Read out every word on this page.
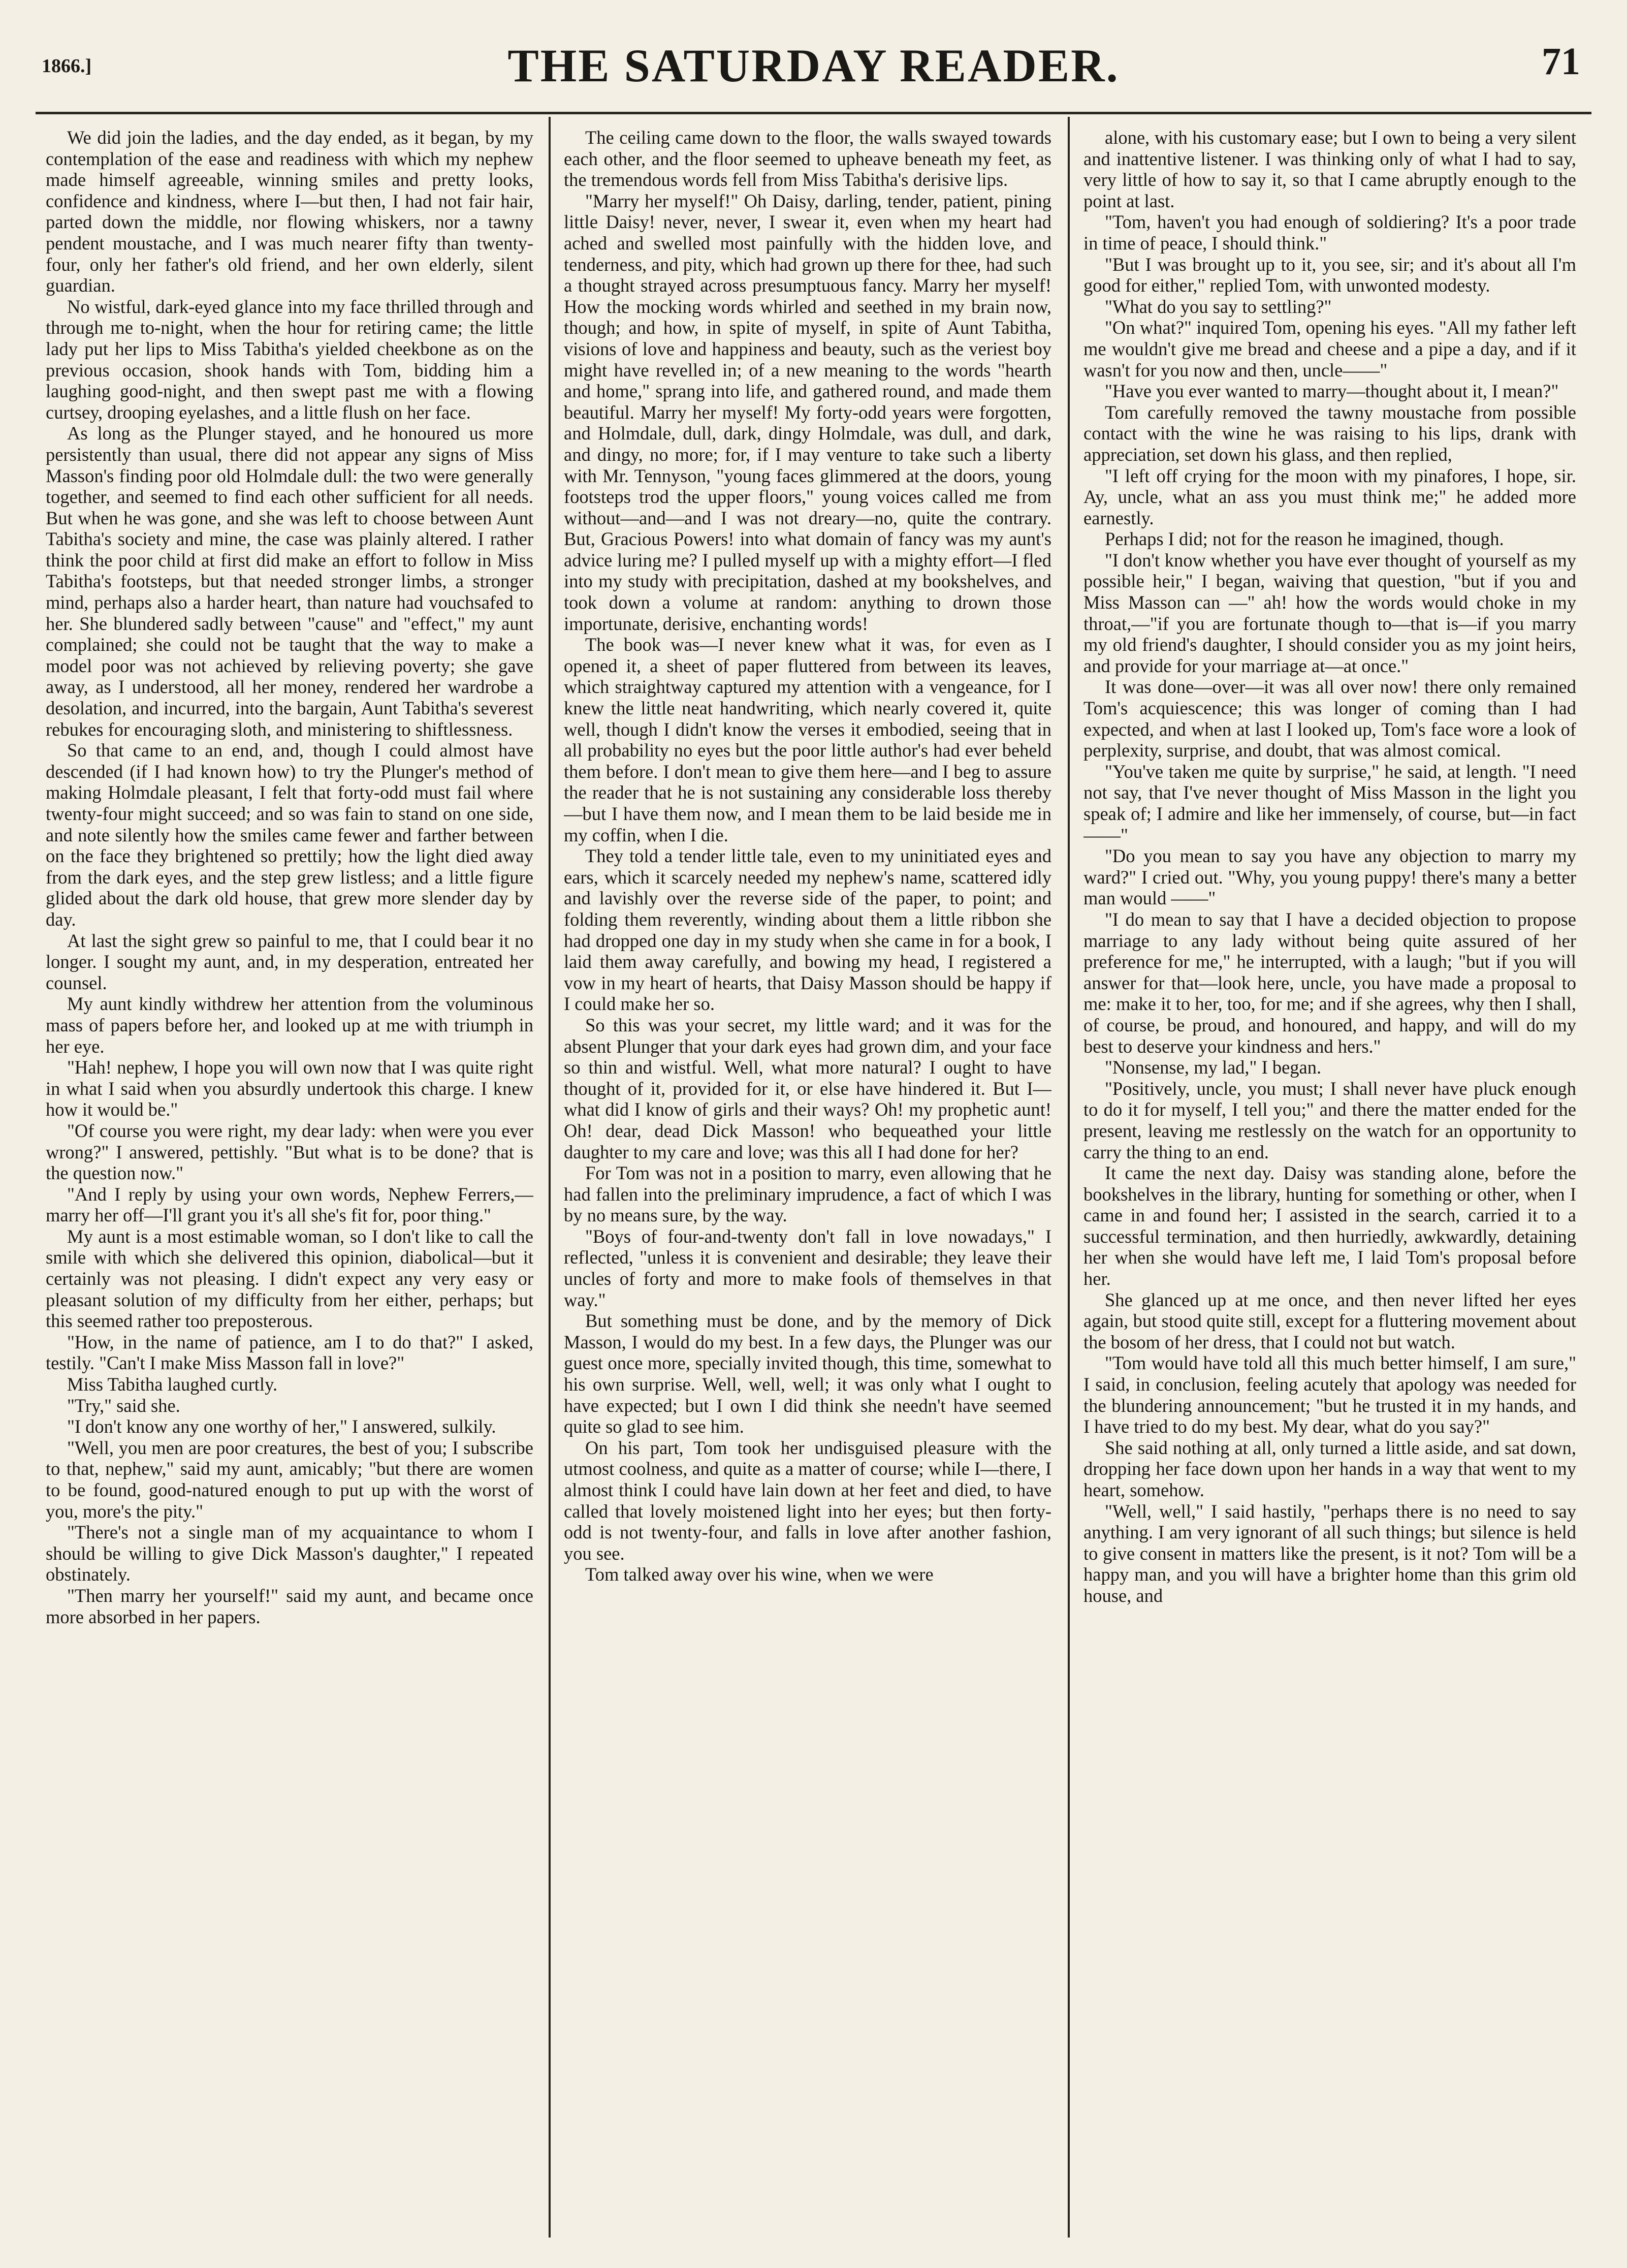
1866.]	THE SATURDAY READER.	71

We did join the ladies, and the day ended, as it began, by my contemplation of the ease and readiness with which my nephew made himself agreeable, winning smiles and pretty looks, confidence and kindness, where I—but then, I had not fair hair, parted down the middle, nor flowing whiskers, nor a tawny pendent moustache, and I was much nearer fifty than twenty-four, only her father's old friend, and her own elderly, silent guardian.

No wistful, dark-eyed glance into my face thrilled through and through me to-night, when the hour for retiring came; the little lady put her lips to Miss Tabitha's yielded cheekbone as on the previous occasion, shook hands with Tom, bidding him a laughing good-night, and then swept past me with a flowing curtsey, drooping eyelashes, and a little flush on her face.

As long as the Plunger stayed, and he honoured us more persistently than usual, there did not appear any signs of Miss Masson's finding poor old Holmdale dull: the two were generally together, and seemed to find each other sufficient for all needs. But when he was gone, and she was left to choose between Aunt Tabitha's society and mine, the case was plainly altered. I rather think the poor child at first did make an effort to follow in Miss Tabitha's footsteps, but that needed stronger limbs, a stronger mind, perhaps also a harder heart, than nature had vouchsafed to her. She blundered sadly between "cause" and "effect," my aunt complained; she could not be taught that the way to make a model poor was not achieved by relieving poverty; she gave away, as I understood, all her money, rendered her wardrobe a desolation, and incurred, into the bargain, Aunt Tabitha's severest rebukes for encouraging sloth, and ministering to shiftlessness.

So that came to an end, and, though I could almost have descended (if I had known how) to try the Plunger's method of making Holmdale pleasant, I felt that forty-odd must fail where twenty-four might succeed; and so was fain to stand on one side, and note silently how the smiles came fewer and farther between on the face they brightened so prettily; how the light died away from the dark eyes, and the step grew listless; and a little figure glided about the dark old house, that grew more slender day by day.

At last the sight grew so painful to me, that I could bear it no longer. I sought my aunt, and, in my desperation, entreated her counsel.

My aunt kindly withdrew her attention from the voluminous mass of papers before her, and looked up at me with triumph in her eye.

"Hah! nephew, I hope you will own now that I was quite right in what I said when you absurdly undertook this charge. I knew how it would be."

"Of course you were right, my dear lady: when were you ever wrong?" I answered, pettishly. "But what is to be done? that is the question now."

"And I reply by using your own words, Nephew Ferrers,—marry her off—I'll grant you it's all she's fit for, poor thing."

My aunt is a most estimable woman, so I don't like to call the smile with which she delivered this opinion, diabolical—but it certainly was not pleasing. I didn't expect any very easy or pleasant solution of my difficulty from her either, perhaps; but this seemed rather too preposterous.

"How, in the name of patience, am I to do that?" I asked, testily. "Can't I make Miss Masson fall in love?"

Miss Tabitha laughed curtly.

"Try," said she.

"I don't know any one worthy of her," I answered, sulkily.

"Well, you men are poor creatures, the best of you; I subscribe to that, nephew," said my aunt, amicably; "but there are women to be found, good-natured enough to put up with the worst of you, more's the pity."

"There's not a single man of my acquaintance to whom I should be willing to give Dick Masson's daughter," I repeated obstinately.

"Then marry her yourself!" said my aunt, and became once more absorbed in her papers.

The ceiling came down to the floor, the walls swayed towards each other, and the floor seemed to upheave beneath my feet, as the tremendous words fell from Miss Tabitha's derisive lips.

"Marry her myself!" Oh Daisy, darling, tender, patient, pining little Daisy! never, never, I swear it, even when my heart had ached and swelled most painfully with the hidden love, and tenderness, and pity, which had grown up there for thee, had such a thought strayed across presumptuous fancy. Marry her myself! How the mocking words whirled and seethed in my brain now, though; and how, in spite of myself, in spite of Aunt Tabitha, visions of love and happiness and beauty, such as the veriest boy might have revelled in; of a new meaning to the words "hearth and home," sprang into life, and gathered round, and made them beautiful. Marry her myself! My forty-odd years were forgotten, and Holmdale, dull, dark, dingy Holmdale, was dull, and dark, and dingy, no more; for, if I may venture to take such a liberty with Mr. Tennyson, "young faces glimmered at the doors, young footsteps trod the upper floors," young voices called me from without—and—and I was not dreary—no, quite the contrary. But, Gracious Powers! into what domain of fancy was my aunt's advice luring me? I pulled myself up with a mighty effort—I fled into my study with precipitation, dashed at my bookshelves, and took down a volume at random: anything to drown those importunate, derisive, enchanting words!

The book was—I never knew what it was, for even as I opened it, a sheet of paper fluttered from between its leaves, which straightway captured my attention with a vengeance, for I knew the little neat handwriting, which nearly covered it, quite well, though I didn't know the verses it embodied, seeing that in all probability no eyes but the poor little author's had ever beheld them before. I don't mean to give them here—and I beg to assure the reader that he is not sustaining any considerable loss thereby—but I have them now, and I mean them to be laid beside me in my coffin, when I die.

They told a tender little tale, even to my uninitiated eyes and ears, which it scarcely needed my nephew's name, scattered idly and lavishly over the reverse side of the paper, to point; and folding them reverently, winding about them a little ribbon she had dropped one day in my study when she came in for a book, I laid them away carefully, and bowing my head, I registered a vow in my heart of hearts, that Daisy Masson should be happy if I could make her so.

So this was your secret, my little ward; and it was for the absent Plunger that your dark eyes had grown dim, and your face so thin and wistful. Well, what more natural? I ought to have thought of it, provided for it, or else have hindered it. But I—what did I know of girls and their ways? Oh! my prophetic aunt! Oh! dear, dead Dick Masson! who bequeathed your little daughter to my care and love; was this all I had done for her?

For Tom was not in a position to marry, even allowing that he had fallen into the preliminary imprudence, a fact of which I was by no means sure, by the way.

"Boys of four-and-twenty don't fall in love nowadays," I reflected, "unless it is convenient and desirable; they leave their uncles of forty and more to make fools of themselves in that way."

But something must be done, and by the memory of Dick Masson, I would do my best. In a few days, the Plunger was our guest once more, specially invited though, this time, somewhat to his own surprise. Well, well, well; it was only what I ought to have expected; but I own I did think she needn't have seemed quite so glad to see him.

On his part, Tom took her undisguised pleasure with the utmost coolness, and quite as a matter of course; while I—there, I almost think I could have lain down at her feet and died, to have called that lovely moistened light into her eyes; but then forty-odd is not twenty-four, and falls in love after another fashion, you see.

Tom talked away over his wine, when we were

alone, with his customary ease; but I own to being a very silent and inattentive listener. I was thinking only of what I had to say, very little of how to say it, so that I came abruptly enough to the point at last.

"Tom, haven't you had enough of soldiering? It's a poor trade in time of peace, I should think."

"But I was brought up to it, you see, sir; and it's about all I'm good for either," replied Tom, with unwonted modesty.

"What do you say to settling?"

"On what?" inquired Tom, opening his eyes. "All my father left me wouldn't give me bread and cheese and a pipe a day, and if it wasn't for you now and then, uncle——"

"Have you ever wanted to marry—thought about it, I mean?"

Tom carefully removed the tawny moustache from possible contact with the wine he was raising to his lips, drank with appreciation, set down his glass, and then replied,

"I left off crying for the moon with my pinafores, I hope, sir. Ay, uncle, what an ass you must think me;" he added more earnestly.

Perhaps I did; not for the reason he imagined, though.

"I don't know whether you have ever thought of yourself as my possible heir," I began, waiving that question, "but if you and Miss Masson can —" ah! how the words would choke in my throat,—"if you are fortunate though to—that is—if you marry my old friend's daughter, I should consider you as my joint heirs, and provide for your marriage at—at once."

It was done—over—it was all over now! there only remained Tom's acquiescence; this was longer of coming than I had expected, and when at last I looked up, Tom's face wore a look of perplexity, surprise, and doubt, that was almost comical.

"You've taken me quite by surprise," he said, at length. "I need not say, that I've never thought of Miss Masson in the light you speak of; I admire and like her immensely, of course, but—in fact——"

"Do you mean to say you have any objection to marry my ward?" I cried out. "Why, you young puppy! there's many a better man would ——"

"I do mean to say that I have a decided objection to propose marriage to any lady without being quite assured of her preference for me," he interrupted, with a laugh; "but if you will answer for that—look here, uncle, you have made a proposal to me: make it to her, too, for me; and if she agrees, why then I shall, of course, be proud, and honoured, and happy, and will do my best to deserve your kindness and hers."

"Nonsense, my lad," I began.

"Positively, uncle, you must; I shall never have pluck enough to do it for myself, I tell you;" and there the matter ended for the present, leaving me restlessly on the watch for an opportunity to carry the thing to an end.

It came the next day. Daisy was standing alone, before the bookshelves in the library, hunting for something or other, when I came in and found her; I assisted in the search, carried it to a successful termination, and then hurriedly, awkwardly, detaining her when she would have left me, I laid Tom's proposal before her.

She glanced up at me once, and then never lifted her eyes again, but stood quite still, except for a fluttering movement about the bosom of her dress, that I could not but watch.

"Tom would have told all this much better himself, I am sure," I said, in conclusion, feeling acutely that apology was needed for the blundering announcement; "but he trusted it in my hands, and I have tried to do my best. My dear, what do you say?"

She said nothing at all, only turned a little aside, and sat down, dropping her face down upon her hands in a way that went to my heart, somehow.

"Well, well," I said hastily, "perhaps there is no need to say anything. I am very ignorant of all such things; but silence is held to give consent in matters like the present, is it not? Tom will be a happy man, and you will have a brighter home than this grim old house, and
